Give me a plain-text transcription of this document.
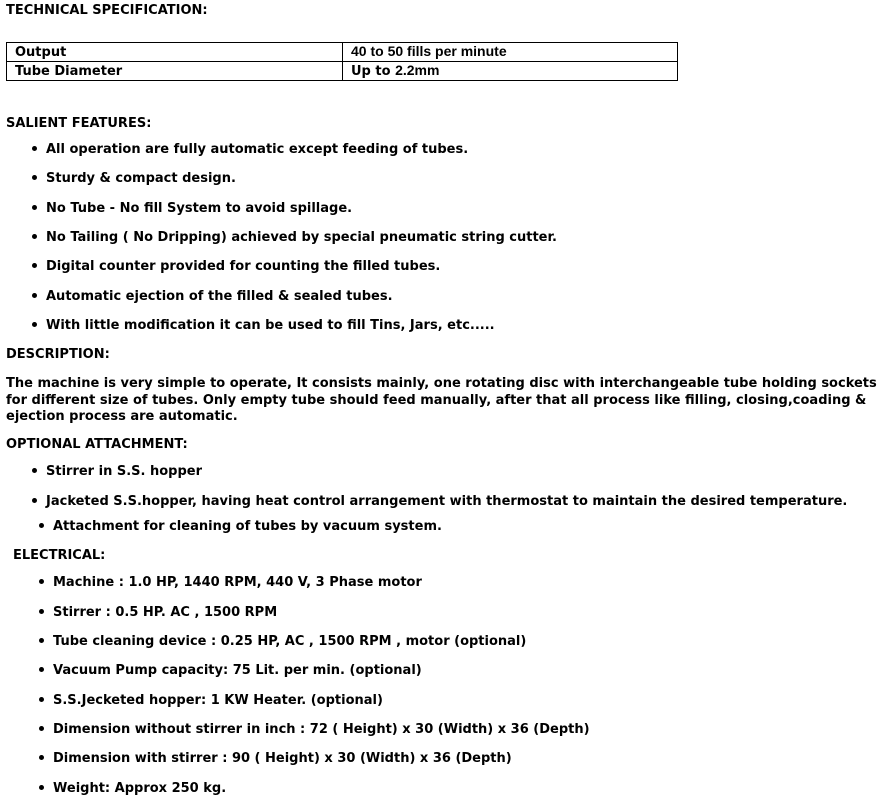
TECHNICAL SPECIFICATION:
Output	40 to 50 fills per minute
Tube Diameter	Up to 2.2mm
SALIENT FEATURES:
All operation are fully automatic except feeding of tubes.
Sturdy & compact design.
No Tube - No fill System to avoid spillage.
No Tailing ( No Dripping) achieved by special pneumatic string cutter.
Digital counter provided for counting the filled tubes.
Automatic ejection of the filled & sealed tubes.
With little modification it can be used to fill Tins, Jars, etc.....
DESCRIPTION:

The machine is very simple to operate, It consists mainly, one rotating disc with interchangeable tube holding sockets for different size of tubes. Only empty tube should feed manually, after that all process like filling, closing,coading & ejection process are automatic.

OPTIONAL ATTACHMENT:
Stirrer in S.S. hopper
Jacketed S.S.hopper, having heat control arrangement with thermostat to maintain the desired temperature.
Attachment for cleaning of tubes by vacuum system.
ELECTRICAL:
Machine : 1.0 HP, 1440 RPM, 440 V, 3 Phase motor
Stirrer : 0.5 HP. AC , 1500 RPM
Tube cleaning device : 0.25 HP, AC , 1500 RPM , motor (optional)
Vacuum Pump capacity: 75 Lit. per min. (optional)
S.S.Jecketed hopper: 1 KW Heater. (optional)
Dimension without stirrer in inch : 72 ( Height) x 30 (Width) x 36 (Depth)
Dimension with stirrer : 90 ( Height) x 30 (Width) x 36 (Depth)
Weight: Approx 250 kg.
